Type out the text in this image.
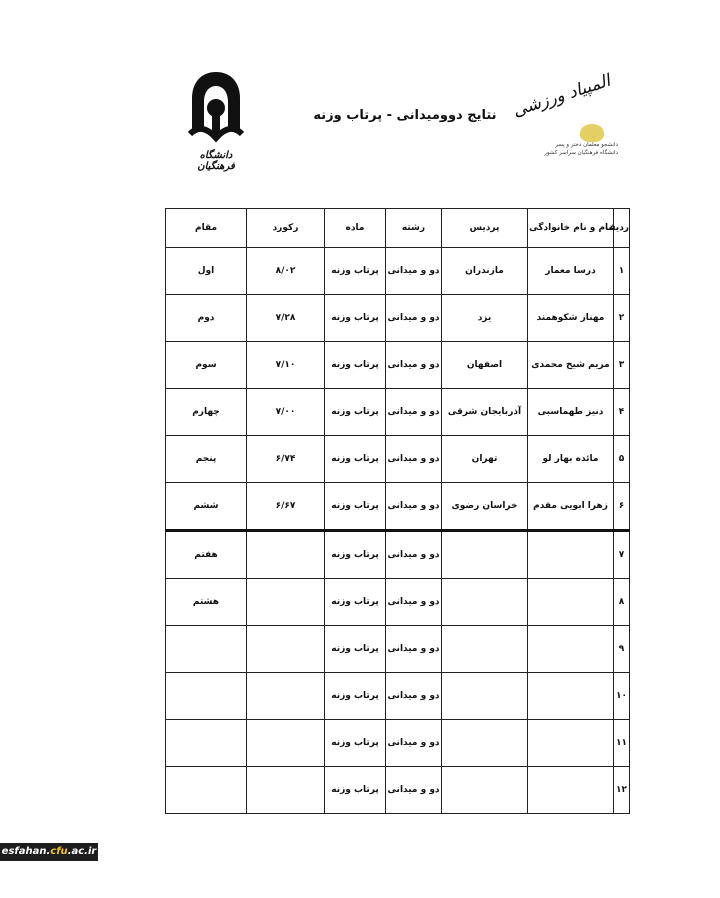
دانشگاه فرهنگیان
نتایج دوومیدانی - پرتاب وزنه المپیاد ورزشی
دانشجو معلمان دختر و پسر
دانشگاه فرهنگیان سراسر کشور
ردیف	نام و نام خانوادگی	پردیس	رشته	ماده	رکورد	مقام
۱	درسا معمار	مازندران	دو و میدانی	پرتاب وزنه	۸/۰۲	اول
۲	مهناز شکوهمند	یزد	دو و میدانی	پرتاب وزنه	۷/۲۸	دوم
۳	مریم شیخ محمدی	اصفهان	دو و میدانی	پرتاب وزنه	۷/۱۰	سوم
۴	دنیز طهماسبی	آذربایجان شرقی	دو و میدانی	پرتاب وزنه	۷/۰۰	چهارم
۵	مائده بهار لو	تهران	دو و میدانی	پرتاب وزنه	۶/۷۴	پنجم
۶	زهرا ابویی مقدم	خراسان رضوی	دو و میدانی	پرتاب وزنه	۶/۶۷	ششم
۷			دو و میدانی	پرتاب وزنه		هفتم
۸			دو و میدانی	پرتاب وزنه		هشتم
۹			دو و میدانی	پرتاب وزنه		
۱۰			دو و میدانی	پرتاب وزنه		
۱۱			دو و میدانی	پرتاب وزنه		
۱۲			دو و میدانی	پرتاب وزنه		
esfahan.cfu.ac.ir
